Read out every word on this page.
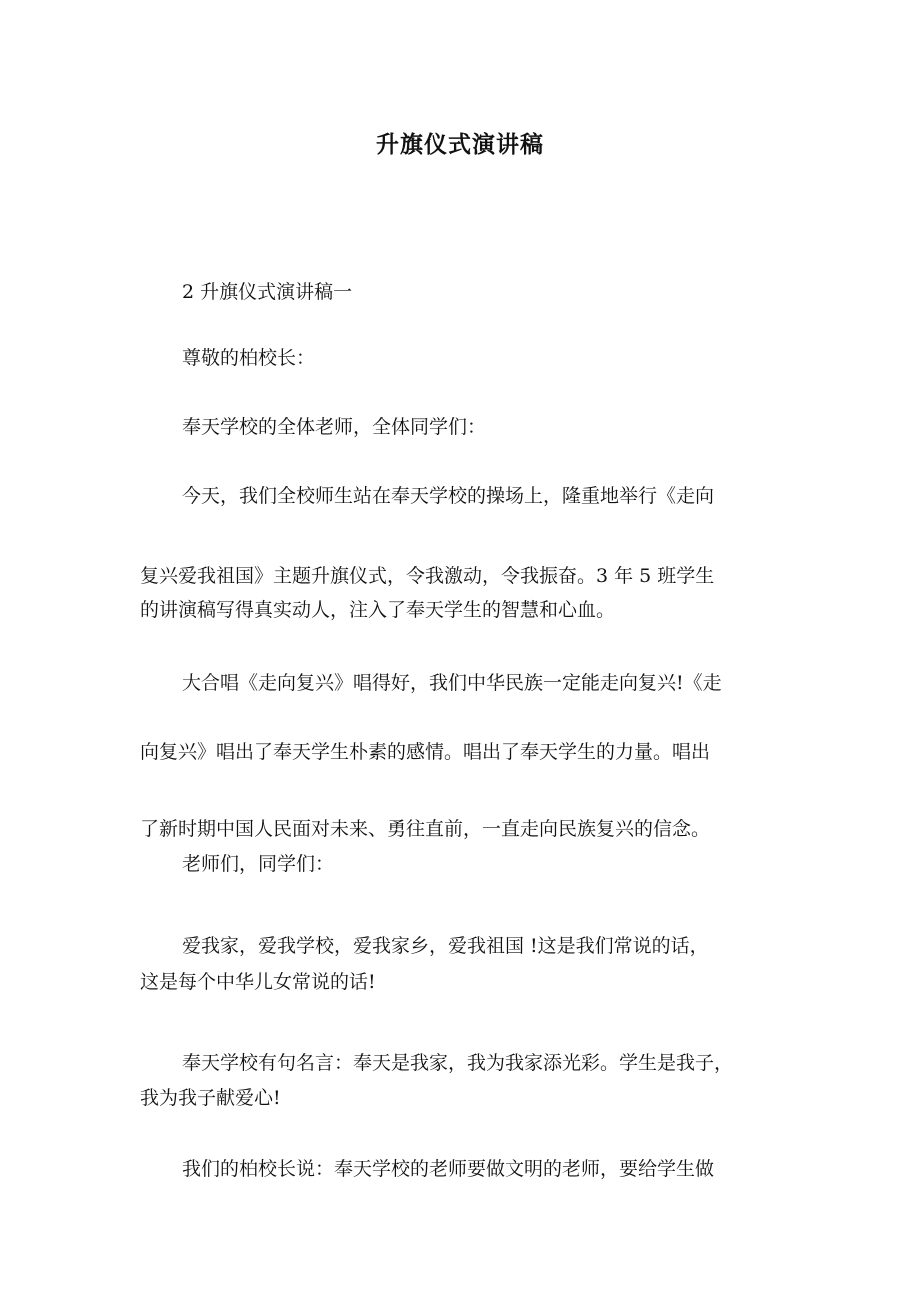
升旗仪式演讲稿

2 升旗仪式演讲稿一

尊敬的柏校长：

奉天学校的全体老师，全体同学们：

今天，我们全校师生站在奉天学校的操场上，隆重地举行《走向

复兴爱我祖国》主题升旗仪式，令我激动，令我振奋。3 年 5 班学生

的讲演稿写得真实动人，注入了奉天学生的智慧和心血。

大合唱《走向复兴》唱得好，我们中华民族一定能走向复兴!《走

向复兴》唱出了奉天学生朴素的感情。唱出了奉天学生的力量。唱出

了新时期中国人民面对未来、勇往直前，一直走向民族复兴的信念。

老师们，同学们：

爱我家，爱我学校，爱我家乡，爱我祖国 !这是我们常说的话，

这是每个中华儿女常说的话!

奉天学校有句名言：奉天是我家，我为我家添光彩。学生是我子，

我为我子献爱心!

我们的柏校长说：奉天学校的老师要做文明的老师，要给学生做
